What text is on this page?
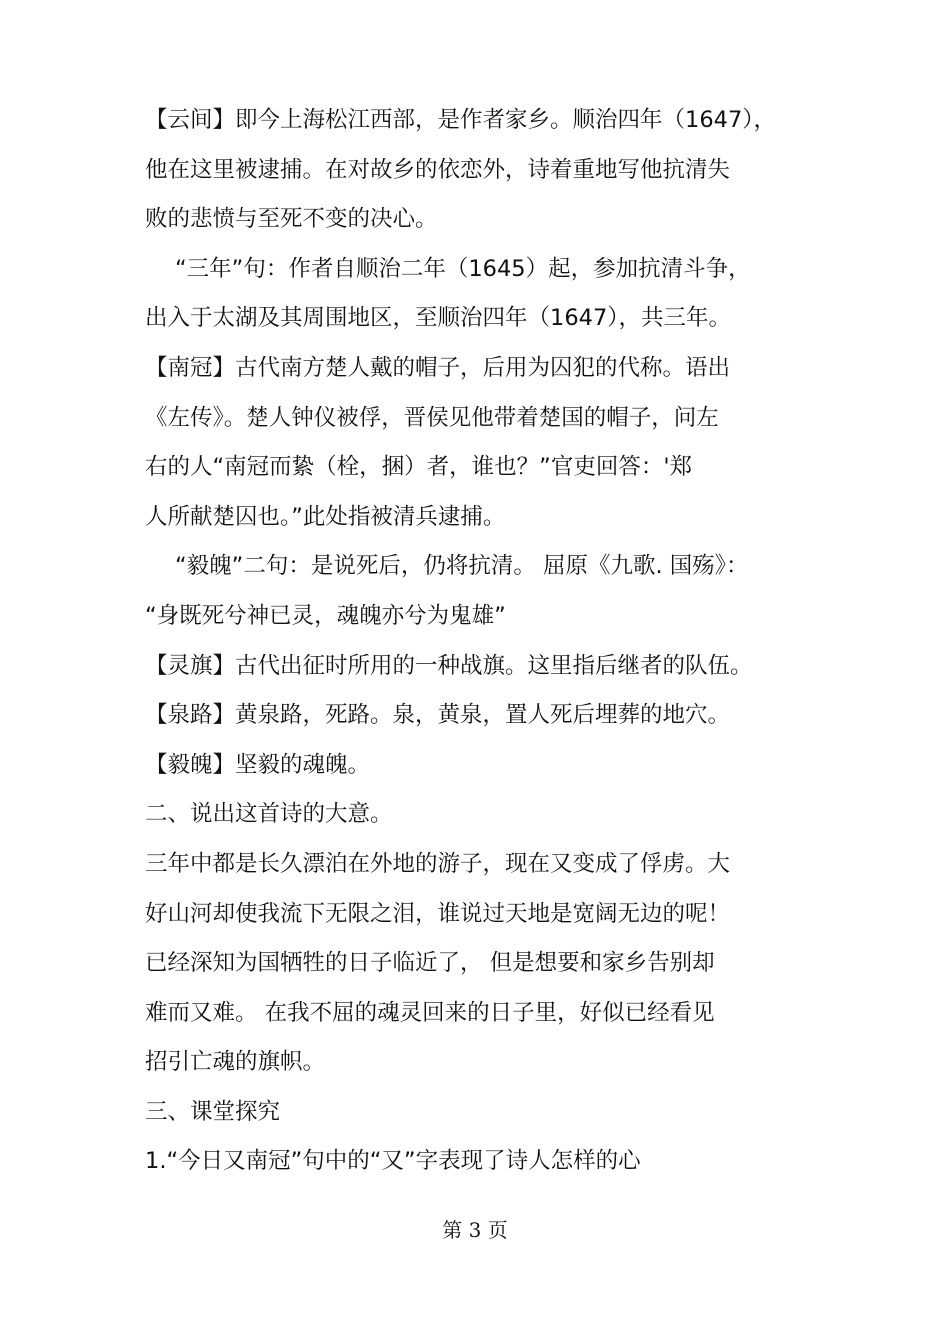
【云间】即今上海松江西部，是作者家乡。顺治四年（1647），
他在这里被逮捕。在对故乡的依恋外，诗着重地写他抗清失
败的悲愤与至死不变的决心。
“三年”句：作者自顺治二年（1645）起，参加抗清斗争，
出入于太湖及其周围地区，至顺治四年（1647），共三年。
【南冠】古代南方楚人戴的帽子，后用为囚犯的代称。语出
《左传》。楚人钟仪被俘，晋侯见他带着楚国的帽子，问左
右的人“南冠而絷（栓，捆）者，谁也？”官吏回答：'郑
人所献楚囚也。”此处指被清兵逮捕。
“毅魄”二句：是说死后，仍将抗清。 屈原《九歌. 国殇》：
“身既死兮神已灵，魂魄亦兮为鬼雄”
【灵旗】古代出征时所用的一种战旗。这里指后继者的队伍。
【泉路】黄泉路，死路。泉，黄泉，置人死后埋葬的地穴。
【毅魄】坚毅的魂魄。
二、说出这首诗的大意。
三年中都是长久漂泊在外地的游子，现在又变成了俘虏。大
好山河却使我流下无限之泪，谁说过天地是宽阔无边的呢！
已经深知为国牺牲的日子临近了， 但是想要和家乡告别却
难而又难。 在我不屈的魂灵回来的日子里，好似已经看见
招引亡魂的旗帜。
三、课堂探究
1.“今日又南冠”句中的“又”字表现了诗人怎样的心
第 3 页
